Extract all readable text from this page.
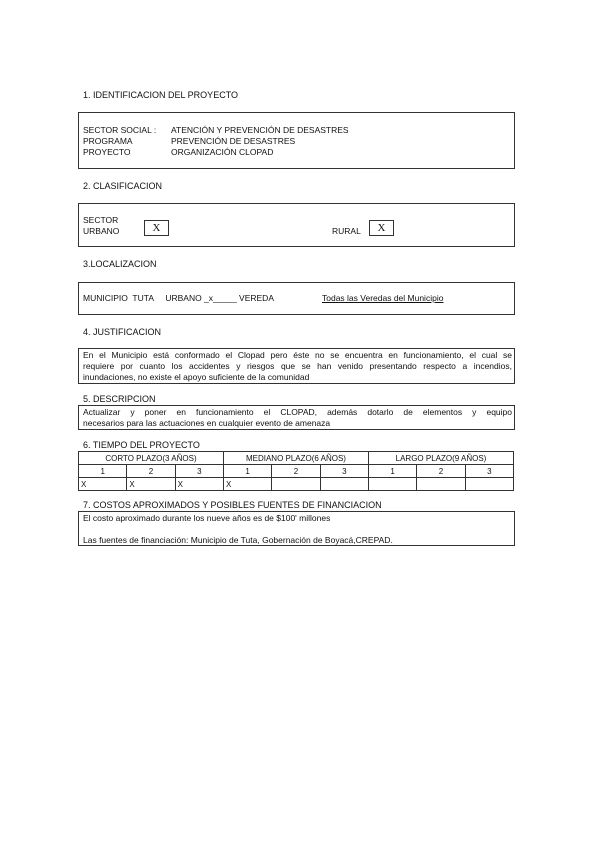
1. IDENTIFICACION DEL PROYECTO
SECTOR SOCIAL : ATENCIÓN Y PREVENCIÓN DE DESASTRES
PROGRAMA	PREVENCIÓN DE DESASTRES
PROYECTO	ORGANIZACIÓN CLOPAD
2. CLASIFICACION
SECTOR
URBANO	X	RURAL	X
3.LOCALIZACION
MUNICIPIO  TUTA     URBANO _x_____ VEREDA	Todas las Veredas del Municipio
4. JUSTIFICACION
En el Municipio está conformado el Clopad pero éste no se encuentra en funcionamiento, el cual se
requiere por cuanto los accidentes y riesgos que se han venido presentando respecto a incendios,
inundaciones, no existe el apoyo suficiente de la comunidad
5. DESCRIPCION
Actualizar y poner en funcionamiento el CLOPAD, además dotarlo de elementos y equipo
necesarios para las actuaciones en cualquier evento de amenaza
6. TIEMPO DEL PROYECTO
CORTO PLAZO(3 AÑOS)			MEDIANO PLAZO(6 AÑOS)			LARGO PLAZO(9 AÑOS)		
1	2	3	1	2	3	1	2	3
X	X	X	X					
7. COSTOS APROXIMADOS Y POSIBLES FUENTES DE FINANCIACION
El costo aproximado durante los nueve años es de $100' millones
Las fuentes de financiación: Municipio de Tuta, Gobernación de Boyacá,CREPAD.
